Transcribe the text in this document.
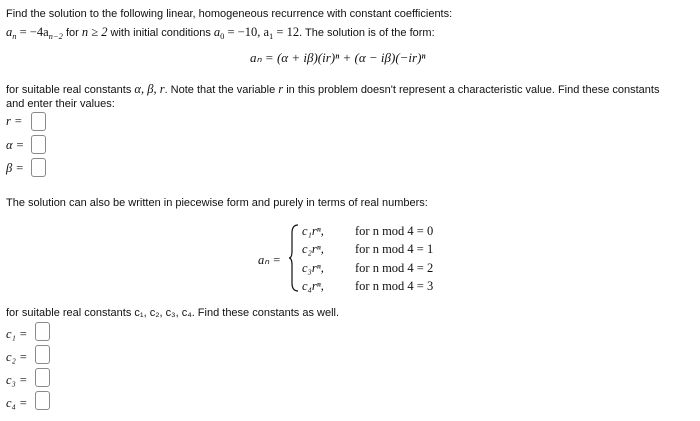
Find the solution to the following linear, homogeneous recurrence with constant coefficients:
$a_n = -4a_{n-2}$ for n ≥ 2 with initial conditions $a_0 = -10$, $a_1 = 12$. The solution is of the form:
aₙ = (α + iβ)(ir)ⁿ + (α − iβ)(−ir)ⁿ
for suitable real constants α, β, r. Note that the variable r in this problem doesn't represent a characteristic value. Find these constants
and enter their values:
r =
α =
β =
The solution can also be written in piecewise form and purely in terms of real numbers:
aₙ =
c₁rⁿ, for n mod 4 = 0
c₂rⁿ, for n mod 4 = 1
c₃rⁿ, for n mod 4 = 2
c₄rⁿ, for n mod 4 = 3
for suitable real constants c₁, c₂, c₃, c₄. Find these constants as well.
c₁ =
c₂ =
c₃ =
c₄ =
